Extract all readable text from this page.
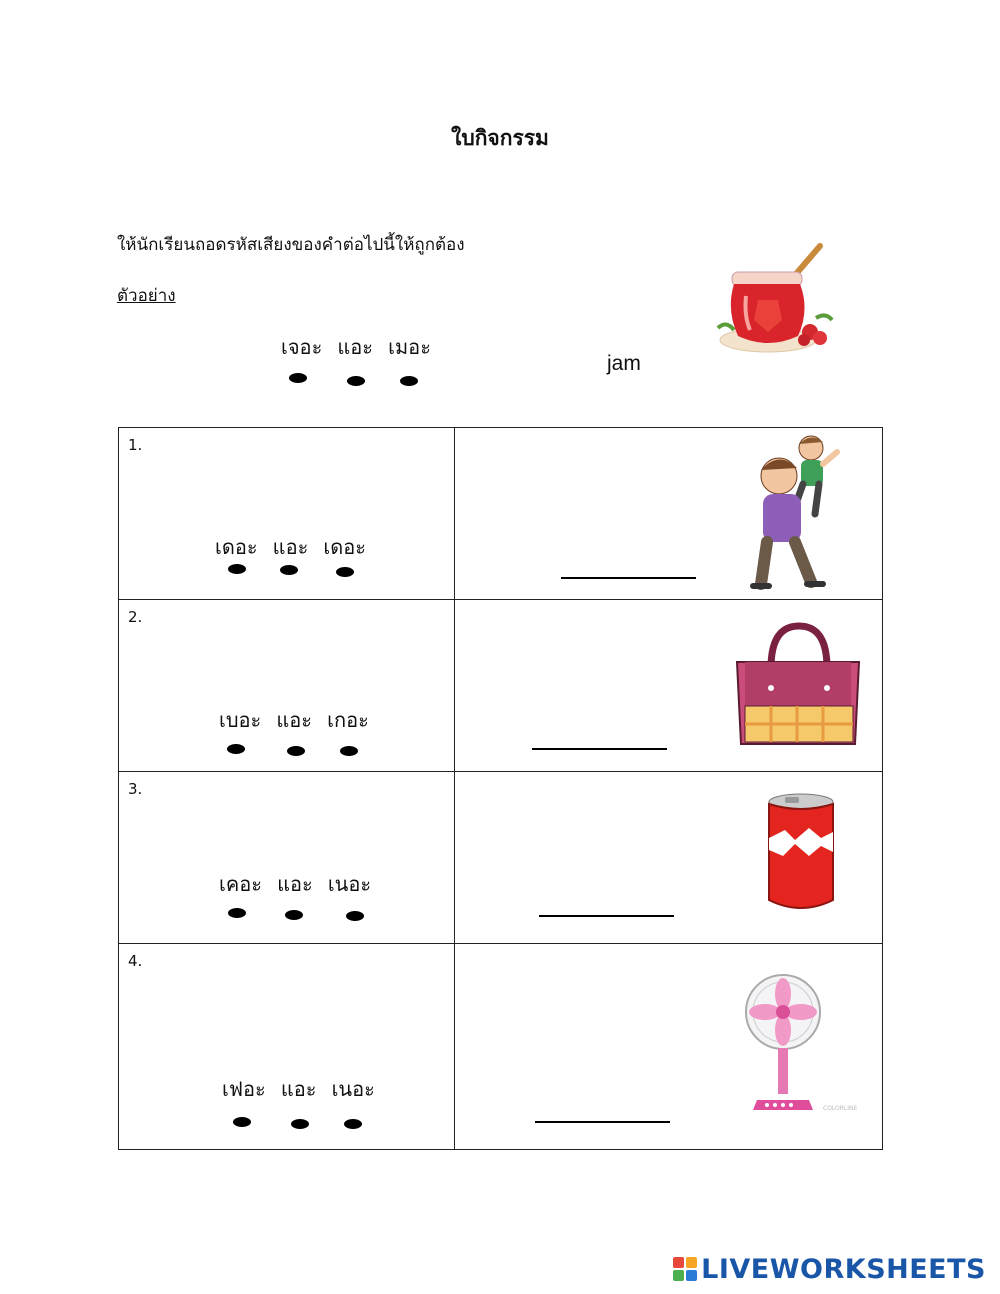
ใบกิจกรรม
ให้นักเรียนถอดรหัสเสียงของคำต่อไปนี้ให้ถูกต้อง
ตัวอย่าง
เจอะ แอะ เมอะ
jam
1.
เดอะ แอะ เดอะ

2.
เบอะ แอะ เกอะ

3.
เคอะ แอะ เนอะ

4.
เฟอะ แอะ เนอะ	COLORLINE
LIVEWORKSHEETS
